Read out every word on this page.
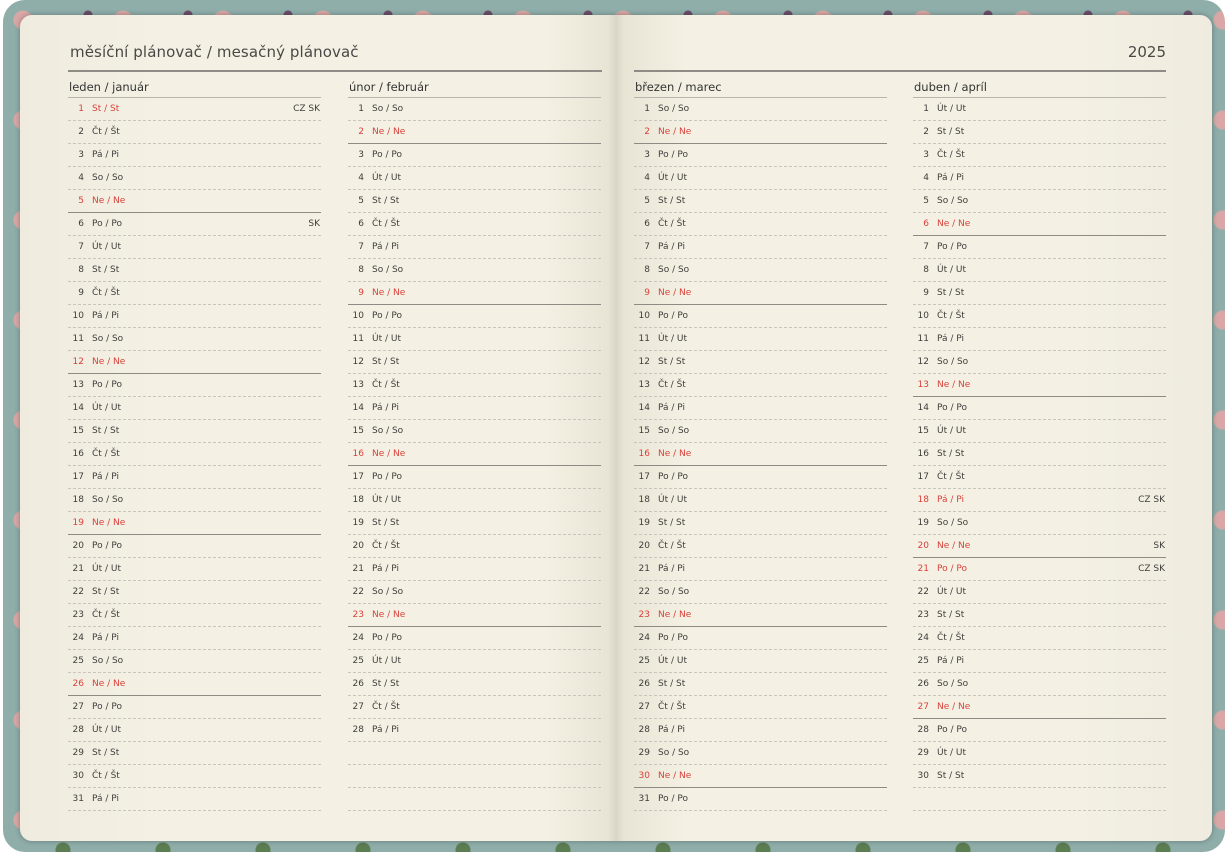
měsíční plánovač / mesačný plánovač	2025
leden / január
1 St / St	CZ SK
2 Čt / Št
3 Pá / Pi
4 So / So
5 Ne / Ne
6 Po / Po	SK
7 Út / Ut
8 St / St
9 Čt / Št
10 Pá / Pi
11 So / So
12 Ne / Ne
13 Po / Po
14 Út / Ut
15 St / St
16 Čt / Št
17 Pá / Pi
18 So / So
19 Ne / Ne
20 Po / Po
21 Út / Ut
22 St / St
23 Čt / Št
24 Pá / Pi
25 So / So
26 Ne / Ne
27 Po / Po
28 Út / Ut
29 St / St
30 Čt / Št
31 Pá / Pi
únor / február
1 So / So
2 Ne / Ne
3 Po / Po
4 Út / Ut
5 St / St
6 Čt / Št
7 Pá / Pi
8 So / So
9 Ne / Ne
10 Po / Po
11 Út / Ut
12 St / St
13 Čt / Št
14 Pá / Pi
15 So / So
16 Ne / Ne
17 Po / Po
18 Út / Ut
19 St / St
20 Čt / Št
21 Pá / Pi
22 So / So
23 Ne / Ne
24 Po / Po
25 Út / Ut
26 St / St
27 Čt / Št
28 Pá / Pi
březen / marec
1 So / So
2 Ne / Ne
3 Po / Po
4 Út / Ut
5 St / St
6 Čt / Št
7 Pá / Pi
8 So / So
9 Ne / Ne
10 Po / Po
11 Út / Ut
12 St / St
13 Čt / Št
14 Pá / Pi
15 So / So
16 Ne / Ne
17 Po / Po
18 Út / Ut
19 St / St
20 Čt / Št
21 Pá / Pi
22 So / So
23 Ne / Ne
24 Po / Po
25 Út / Ut
26 St / St
27 Čt / Št
28 Pá / Pi
29 So / So
30 Ne / Ne
31 Po / Po
duben / apríl
1 Út / Ut
2 St / St
3 Čt / Št
4 Pá / Pi
5 So / So
6 Ne / Ne
7 Po / Po
8 Út / Ut
9 St / St
10 Čt / Št
11 Pá / Pi
12 So / So
13 Ne / Ne
14 Po / Po
15 Út / Ut
16 St / St
17 Čt / Št
18 Pá / Pi	CZ SK
19 So / So
20 Ne / Ne	SK
21 Po / Po	CZ SK
22 Út / Ut
23 St / St
24 Čt / Št
25 Pá / Pi
26 So / So
27 Ne / Ne
28 Po / Po
29 Út / Ut
30 St / St
